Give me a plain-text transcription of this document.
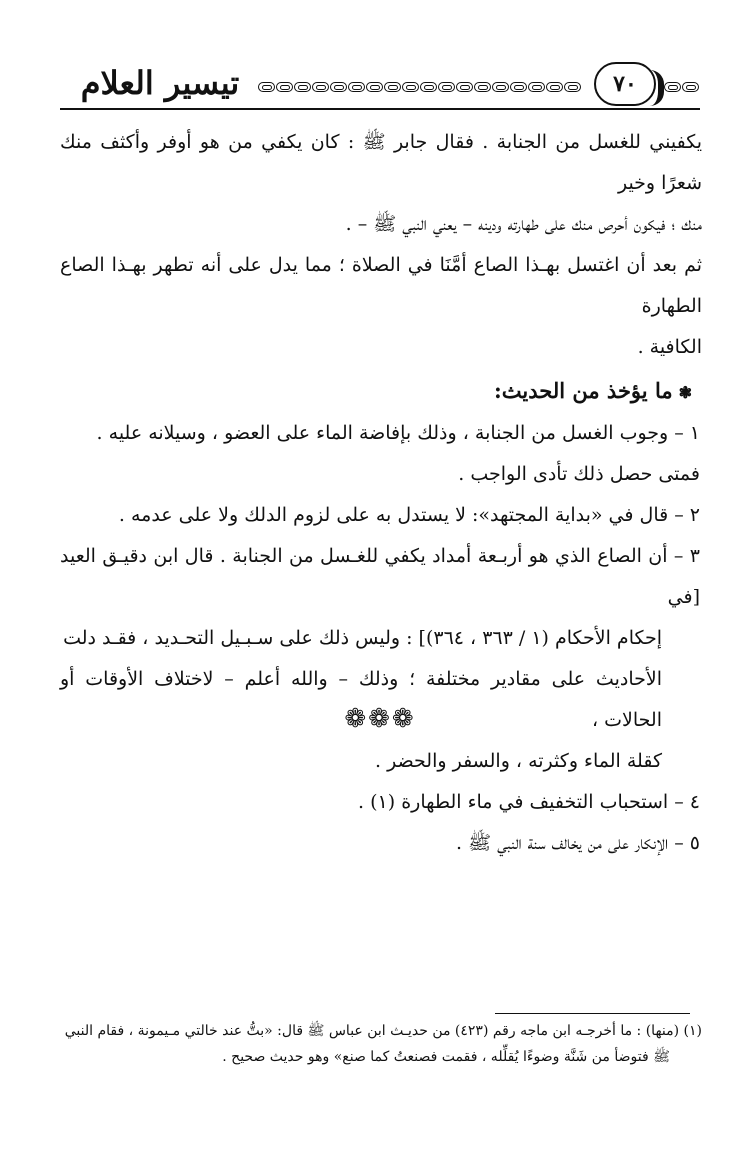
تيسير العلام	٧٠

يكفيني للغسل من الجنابة . فقال جابر ﷺ : كان يكفي من هو أوفر وأكثف منك شعرًا وخير

منك ؛ فيكون أحرص منك على طهارته ودينه – يعني النبي ﷺ – .

ثم بعد أن اغتسل بهـذا الصاع أمَّنَا في الصلاة ؛ مما يدل على أنه تطهر بهـذا الصاع الطهارة

الكافية .

❃ما يؤخذ من الحديث:

١ – وجوب الغسل من الجنابة ، وذلك بإفاضة الماء على العضو ، وسيلانه عليه .

فمتى حصل ذلك تأدى الواجب .

٢ – قال في «بداية المجتهد»: لا يستدل به على لزوم الدلك ولا على عدمه .

٣ – أن الصاع الذي هو أربـعة أمداد يكفي للغـسل من الجنابة . قال ابن دقيـق العيد [في

إحكام الأحكام (١ / ٣٦٣ ، ٣٦٤)] : وليس ذلك على سـبـيل التحـديد ، فقـد دلت

الأحاديث على مقادير مختلفة ؛ وذلك – والله أعلم – لاختلاف الأوقات أو الحالات ،

كقلة الماء وكثرته ، والسفر والحضر .

٤ – استحباب التخفيف في ماء الطهارة (١) .

٥ – الإنكار على من يخالف سنة النبي ﷺ .

❁❁❁

(١) (منها) : ما أخرجـه ابن ماجه رقم (٤٢٣) من حديـث ابن عباس ﷺ قال: «بتُّ عند خالتي مـيمونة ، فقام النبي

ﷺ فتوضأ من شَنَّة وضوءًا يُقلِّله ، فقمت فصنعتُ كما صنع» وهو حديث صحيح .
